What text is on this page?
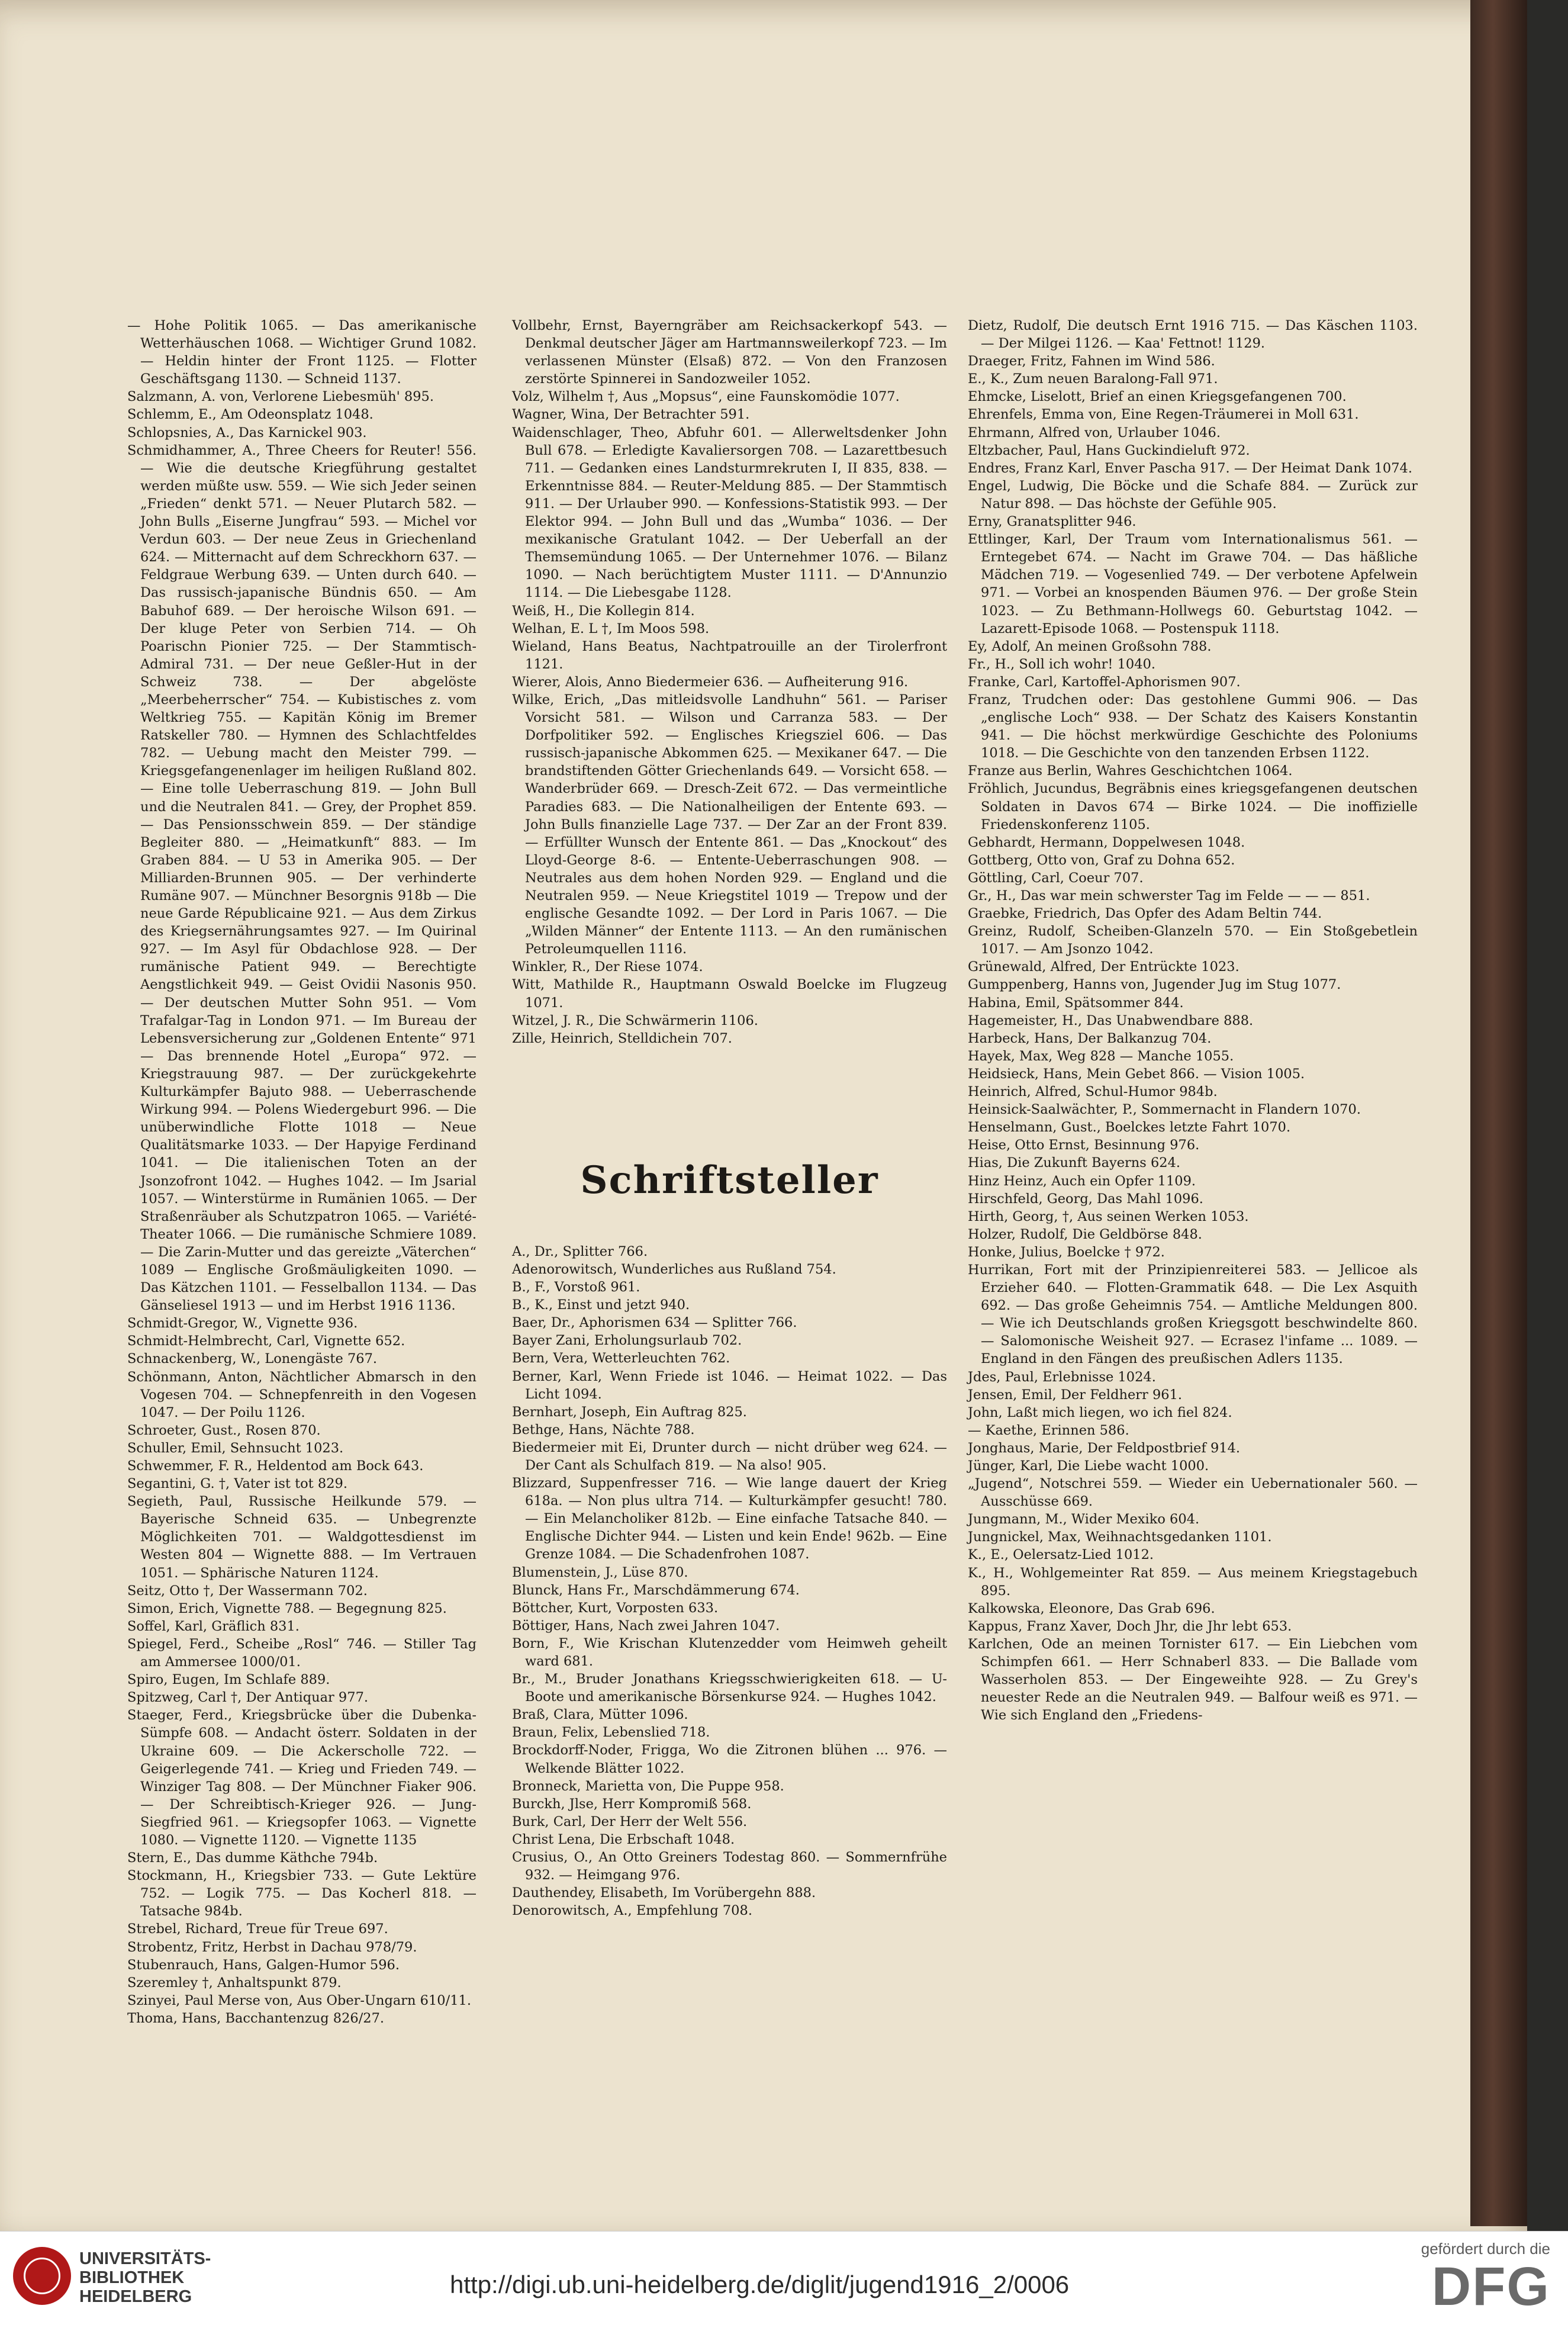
— Hohe Politik 1065. — Das amerikanische Wetterhäuschen 1068. — Wichtiger Grund 1082. — Heldin hinter der Front 1125. — Flotter Geschäftsgang 1130. — Schneid 1137.
Salzmann, A. von, Verlorene Liebesmüh' 895.
Schlemm, E., Am Odeonsplatz 1048.
Schlopsnies, A., Das Karnickel 903.
Schmidhammer, A., Three Cheers for Reuter! 556. — Wie die deutsche Kriegführung gestaltet werden müßte usw. 559. — Wie sich Jeder seinen „Frieden“ denkt 571. — Neuer Plutarch 582. — John Bulls „Eiserne Jungfrau“ 593. — Michel vor Verdun 603. — Der neue Zeus in Griechenland 624. — Mitternacht auf dem Schreckhorn 637. — Feldgraue Werbung 639. — Unten durch 640. — Das russisch-japanische Bündnis 650. — Am Babuhof 689. — Der heroische Wilson 691. — Der kluge Peter von Serbien 714. — Oh Poarischn Pionier 725. — Der Stammtisch-Admiral 731. — Der neue Geßler-Hut in der Schweiz 738. — Der abgelöste „Meerbeherrscher“ 754. — Kubistisches z. vom Weltkrieg 755. — Kapitän König im Bremer Ratskeller 780. — Hymnen des Schlachtfeldes 782. — Uebung macht den Meister 799. — Kriegsgefangenenlager im heiligen Rußland 802. — Eine tolle Ueberraschung 819. — John Bull und die Neutralen 841. — Grey, der Prophet 859. — Das Pensionsschwein 859. — Der ständige Begleiter 880. — „Heimatkunft“ 883. — Im Graben 884. — U 53 in Amerika 905. — Der Milliarden-Brunnen 905. — Der verhinderte Rumäne 907. — Münchner Besorgnis 918b — Die neue Garde Républicaine 921. — Aus dem Zirkus des Kriegsernährungsamtes 927. — Im Quirinal 927. — Im Asyl für Obdachlose 928. — Der rumänische Patient 949. — Berechtigte Aengstlichkeit 949. — Geist Ovidii Nasonis 950. — Der deutschen Mutter Sohn 951. — Vom Trafalgar-Tag in London 971. — Im Bureau der Lebensversicherung zur „Goldenen Entente“ 971 — Das brennende Hotel „Europa“ 972. — Kriegstrauung 987. — Der zurückgekehrte Kulturkämpfer Bajuto 988. — Ueberraschende Wirkung 994. — Polens Wiedergeburt 996. — Die unüberwindliche Flotte 1018 — Neue Qualitätsmarke 1033. — Der Hapyige Ferdinand 1041. — Die italienischen Toten an der Jsonzofront 1042. — Hughes 1042. — Im Jsarial 1057. — Winterstürme in Rumänien 1065. — Der Straßenräuber als Schutzpatron 1065. — Variété-Theater 1066. — Die rumänische Schmiere 1089. — Die Zarin-Mutter und das gereizte „Väterchen“ 1089 — Englische Großmäuligkeiten 1090. — Das Kätzchen 1101. — Fesselballon 1134. — Das Gänseliesel 1913 — und im Herbst 1916 1136.
Schmidt-Gregor, W., Vignette 936.
Schmidt-Helmbrecht, Carl, Vignette 652.
Schnackenberg, W., Lonengäste 767.
Schönmann, Anton, Nächtlicher Abmarsch in den Vogesen 704. — Schnepfenreith in den Vogesen 1047. — Der Poilu 1126.
Schroeter, Gust., Rosen 870.
Schuller, Emil, Sehnsucht 1023.
Schwemmer, F. R., Heldentod am Bock 643.
Segantini, G. †, Vater ist tot 829.
Segieth, Paul, Russische Heilkunde 579. — Bayerische Schneid 635. — Unbegrenzte Möglichkeiten 701. — Waldgottesdienst im Westen 804 — Wignette 888. — Im Vertrauen 1051. — Sphärische Naturen 1124.
Seitz, Otto †, Der Wassermann 702.
Simon, Erich, Vignette 788. — Begegnung 825.
Soffel, Karl, Gräflich 831.
Spiegel, Ferd., Scheibe „Rosl“ 746. — Stiller Tag am Ammersee 1000/01.
Spiro, Eugen, Im Schlafe 889.
Spitzweg, Carl †, Der Antiquar 977.
Staeger, Ferd., Kriegsbrücke über die Dubenka-Sümpfe 608. — Andacht österr. Soldaten in der Ukraine 609. — Die Ackerscholle 722. — Geigerlegende 741. — Krieg und Frieden 749. — Winziger Tag 808. — Der Münchner Fiaker 906. — Der Schreibtisch-Krieger 926. — Jung-Siegfried 961. — Kriegsopfer 1063. — Vignette 1080. — Vignette 1120. — Vignette 1135
Stern, E., Das dumme Käthche 794b.
Stockmann, H., Kriegsbier 733. — Gute Lektüre 752. — Logik 775. — Das Kocherl 818. — Tatsache 984b.
Strebel, Richard, Treue für Treue 697.
Strobentz, Fritz, Herbst in Dachau 978/79.
Stubenrauch, Hans, Galgen-Humor 596.
Szeremley †, Anhaltspunkt 879.
Szinyei, Paul Merse von, Aus Ober-Ungarn 610/11.
Thoma, Hans, Bacchantenzug 826/27.
Vollbehr, Ernst, Bayerngräber am Reichsackerkopf 543. — Denkmal deutscher Jäger am Hartmannsweilerkopf 723. — Im verlassenen Münster (Elsaß) 872. — Von den Franzosen zerstörte Spinnerei in Sandozweiler 1052.
Volz, Wilhelm †, Aus „Mopsus“, eine Faunskomödie 1077.
Wagner, Wina, Der Betrachter 591.
Waidenschlager, Theo, Abfuhr 601. — Allerweltsdenker John Bull 678. — Erledigte Kavaliersorgen 708. — Lazarettbesuch 711. — Gedanken eines Landsturmrekruten I, II 835, 838. — Erkenntnisse 884. — Reuter-Meldung 885. — Der Stammtisch 911. — Der Urlauber 990. — Konfessions-Statistik 993. — Der Elektor 994. — John Bull und das „Wumba“ 1036. — Der mexikanische Gratulant 1042. — Der Ueberfall an der Themsemündung 1065. — Der Unternehmer 1076. — Bilanz 1090. — Nach berüchtigtem Muster 1111. — D'Annunzio 1114. — Die Liebesgabe 1128.
Weiß, H., Die Kollegin 814.
Welhan, E. L †, Im Moos 598.
Wieland, Hans Beatus, Nachtpatrouille an der Tirolerfront 1121.
Wierer, Alois, Anno Biedermeier 636. — Aufheiterung 916.
Wilke, Erich, „Das mitleidsvolle Landhuhn“ 561. — Pariser Vorsicht 581. — Wilson und Carranza 583. — Der Dorfpolitiker 592. — Englisches Kriegsziel 606. — Das russisch-japanische Abkommen 625. — Mexikaner 647. — Die brandstiftenden Götter Griechenlands 649. — Vorsicht 658. — Wanderbrüder 669. — Dresch-Zeit 672. — Das vermeintliche Paradies 683. — Die Nationalheiligen der Entente 693. — John Bulls finanzielle Lage 737. — Der Zar an der Front 839. — Erfüllter Wunsch der Entente 861. — Das „Knockout“ des Lloyd-George 8-6. — Entente-Ueberraschungen 908. — Neutrales aus dem hohen Norden 929. — England und die Neutralen 959. — Neue Kriegstitel 1019 — Trepow und der englische Gesandte 1092. — Der Lord in Paris 1067. — Die „Wilden Männer“ der Entente 1113. — An den rumänischen Petroleumquellen 1116.
Winkler, R., Der Riese 1074.
Witt, Mathilde R., Hauptmann Oswald Boelcke im Flugzeug 1071.
Witzel, J. R., Die Schwärmerin 1106.
Zille, Heinrich, Stelldichein 707.
Schriftsteller
A., Dr., Splitter 766.
Adenorowitsch, Wunderliches aus Rußland 754.
B., F., Vorstoß 961.
B., K., Einst und jetzt 940.
Baer, Dr., Aphorismen 634 — Splitter 766.
Bayer Zani, Erholungsurlaub 702.
Bern, Vera, Wetterleuchten 762.
Berner, Karl, Wenn Friede ist 1046. — Heimat 1022. — Das Licht 1094.
Bernhart, Joseph, Ein Auftrag 825.
Bethge, Hans, Nächte 788.
Biedermeier mit Ei, Drunter durch — nicht drüber weg 624. — Der Cant als Schulfach 819. — Na also! 905.
Blizzard, Suppenfresser 716. — Wie lange dauert der Krieg 618a. — Non plus ultra 714. — Kulturkämpfer gesucht! 780. — Ein Melancholiker 812b. — Eine einfache Tatsache 840. — Englische Dichter 944. — Listen und kein Ende! 962b. — Eine Grenze 1084. — Die Schadenfrohen 1087.
Blumenstein, J., Lüse 870.
Blunck, Hans Fr., Marschdämmerung 674.
Böttcher, Kurt, Vorposten 633.
Böttiger, Hans, Nach zwei Jahren 1047.
Born, F., Wie Krischan Klutenzedder vom Heimweh geheilt ward 681.
Br., M., Bruder Jonathans Kriegsschwierigkeiten 618. — U-Boote und amerikanische Börsenkurse 924. — Hughes 1042.
Braß, Clara, Mütter 1096.
Braun, Felix, Lebenslied 718.
Brockdorff-Noder, Frigga, Wo die Zitronen blühen ... 976. — Welkende Blätter 1022.
Bronneck, Marietta von, Die Puppe 958.
Burckh, Jlse, Herr Kompromiß 568.
Burk, Carl, Der Herr der Welt 556.
Christ Lena, Die Erbschaft 1048.
Crusius, O., An Otto Greiners Todestag 860. — Sommernfrühe 932. — Heimgang 976.
Dauthendey, Elisabeth, Im Vorübergehn 888.
Denorowitsch, A., Empfehlung 708.
Dietz, Rudolf, Die deutsch Ernt 1916 715. — Das Käschen 1103. — Der Milgei 1126. — Kaa' Fettnot! 1129.
Draeger, Fritz, Fahnen im Wind 586.
E., K., Zum neuen Baralong-Fall 971.
Ehmcke, Liselott, Brief an einen Kriegsgefangenen 700.
Ehrenfels, Emma von, Eine Regen-Träumerei in Moll 631.
Ehrmann, Alfred von, Urlauber 1046.
Eltzbacher, Paul, Hans Guckindieluft 972.
Endres, Franz Karl, Enver Pascha 917. — Der Heimat Dank 1074.
Engel, Ludwig, Die Böcke und die Schafe 884. — Zurück zur Natur 898. — Das höchste der Gefühle 905.
Erny, Granatsplitter 946.
Ettlinger, Karl, Der Traum vom Internationalismus 561. — Erntegebet 674. — Nacht im Grawe 704. — Das häßliche Mädchen 719. — Vogesenlied 749. — Der verbotene Apfelwein 971. — Vorbei an knospenden Bäumen 976. — Der große Stein 1023. — Zu Bethmann-Hollwegs 60. Geburtstag 1042. — Lazarett-Episode 1068. — Postenspuk 1118.
Ey, Adolf, An meinen Großsohn 788.
Fr., H., Soll ich wohr! 1040.
Franke, Carl, Kartoffel-Aphorismen 907.
Franz, Trudchen oder: Das gestohlene Gummi 906. — Das „englische Loch“ 938. — Der Schatz des Kaisers Konstantin 941. — Die höchst merkwürdige Geschichte des Poloniums 1018. — Die Geschichte von den tanzenden Erbsen 1122.
Franze aus Berlin, Wahres Geschichtchen 1064.
Fröhlich, Jucundus, Begräbnis eines kriegsgefangenen deutschen Soldaten in Davos 674 — Birke 1024. — Die inoffizielle Friedenskonferenz 1105.
Gebhardt, Hermann, Doppelwesen 1048.
Gottberg, Otto von, Graf zu Dohna 652.
Göttling, Carl, Coeur 707.
Gr., H., Das war mein schwerster Tag im Felde — — — 851.
Graebke, Friedrich, Das Opfer des Adam Beltin 744.
Greinz, Rudolf, Scheiben-Glanzeln 570. — Ein Stoßgebetlein 1017. — Am Jsonzo 1042.
Grünewald, Alfred, Der Entrückte 1023.
Gumppenberg, Hanns von, Jugender Jug im Stug 1077.
Habina, Emil, Spätsommer 844.
Hagemeister, H., Das Unabwendbare 888.
Harbeck, Hans, Der Balkanzug 704.
Hayek, Max, Weg 828 — Manche 1055.
Heidsieck, Hans, Mein Gebet 866. — Vision 1005.
Heinrich, Alfred, Schul-Humor 984b.
Heinsick-Saalwächter, P., Sommernacht in Flandern 1070.
Henselmann, Gust., Boelckes letzte Fahrt 1070.
Heise, Otto Ernst, Besinnung 976.
Hias, Die Zukunft Bayerns 624.
Hinz Heinz, Auch ein Opfer 1109.
Hirschfeld, Georg, Das Mahl 1096.
Hirth, Georg, †, Aus seinen Werken 1053.
Holzer, Rudolf, Die Geldbörse 848.
Honke, Julius, Boelcke † 972.
Hurrikan, Fort mit der Prinzipienreiterei 583. — Jellicoe als Erzieher 640. — Flotten-Grammatik 648. — Die Lex Asquith 692. — Das große Geheimnis 754. — Amtliche Meldungen 800. — Wie ich Deutschlands großen Kriegsgott beschwindelte 860. — Salomonische Weisheit 927. — Ecrasez l'infame ... 1089. — England in den Fängen des preußischen Adlers 1135.
Jdes, Paul, Erlebnisse 1024.
Jensen, Emil, Der Feldherr 961.
John, Laßt mich liegen, wo ich fiel 824.
— Kaethe, Erinnen 586.
Jonghaus, Marie, Der Feldpostbrief 914.
Jünger, Karl, Die Liebe wacht 1000.
„Jugend“, Notschrei 559. — Wieder ein Uebernationaler 560. — Ausschüsse 669.
Jungmann, M., Wider Mexiko 604.
Jungnickel, Max, Weihnachtsgedanken 1101.
K., E., Oelersatz-Lied 1012.
K., H., Wohlgemeinter Rat 859. — Aus meinem Kriegstagebuch 895.
Kalkowska, Eleonore, Das Grab 696.
Kappus, Franz Xaver, Doch Jhr, die Jhr lebt 653.
Karlchen, Ode an meinen Tornister 617. — Ein Liebchen vom Schimpfen 661. — Herr Schnaberl 833. — Die Ballade vom Wasserholen 853. — Der Eingeweihte 928. — Zu Grey's neuester Rede an die Neutralen 949. — Balfour weiß es 971. — Wie sich England den „Friedens-
UNIVERSITÄTS-
BIBLIOTHEK
HEIDELBERG	http://digi.ub.uni-heidelberg.de/diglit/jugend1916_2/0006
gefördert durch die
DFG
